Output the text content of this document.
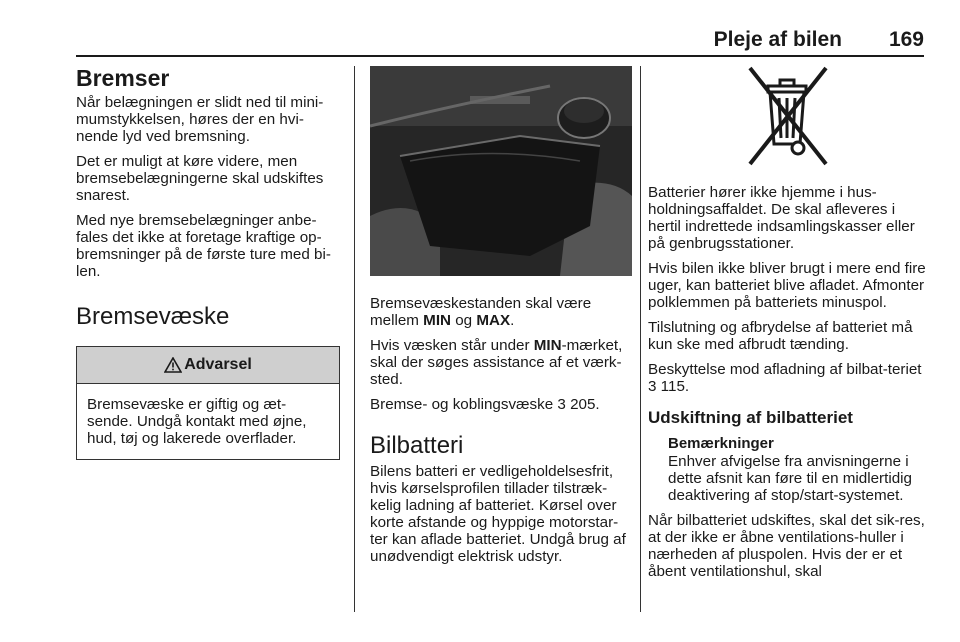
Pleje af bilen 169
Bremser

Når belægningen er slidt ned til mini-mumstykkelsen, høres der en hvi-nende lyd ved bremsning.

Det er muligt at køre videre, men bremsebelægningerne skal udskiftes snarest.

Med nye bremsebelægninger anbe-fales det ikke at foretage kraftige op-bremsninger på de første ture med bi-len.

Bremsevæske
Advarsel

Bremsevæske er giftig og æt-sende. Undgå kontakt med øjne, hud, tøj og lakerede overflader.

Bremsevæskestanden skal være mellem MIN og MAX.

Hvis væsken står under MIN-mærket, skal der søges assistance af et værk-sted.

Bremse- og koblingsvæske 3 205.

Bilbatteri

Bilens batteri er vedligeholdelsesfrit, hvis kørselsprofilen tillader tilstræk-kelig ladning af batteriet. Kørsel over korte afstande og hyppige motorstar-ter kan aflade batteriet. Undgå brug af unødvendigt elektrisk udstyr.

Batterier hører ikke hjemme i hus-holdningsaffaldet. De skal afleveres i hertil indrettede indsamlingskasser eller på genbrugsstationer.

Hvis bilen ikke bliver brugt i mere end fire uger, kan batteriet blive afladet. Afmonter polklemmen på batteriets minuspol.

Tilslutning og afbrydelse af batteriet må kun ske med afbrudt tænding.

Beskyttelse mod afladning af bilbat-teriet 3 115.

Udskiftning af bilbatteriet
Bemærkninger

Enhver afvigelse fra anvisningerne i dette afsnit kan føre til en midlertidig deaktivering af stop/start-systemet.

Når bilbatteriet udskiftes, skal det sik-res, at der ikke er åbne ventilations-huller i nærheden af pluspolen. Hvis der er et åbent ventilationshul, skal
